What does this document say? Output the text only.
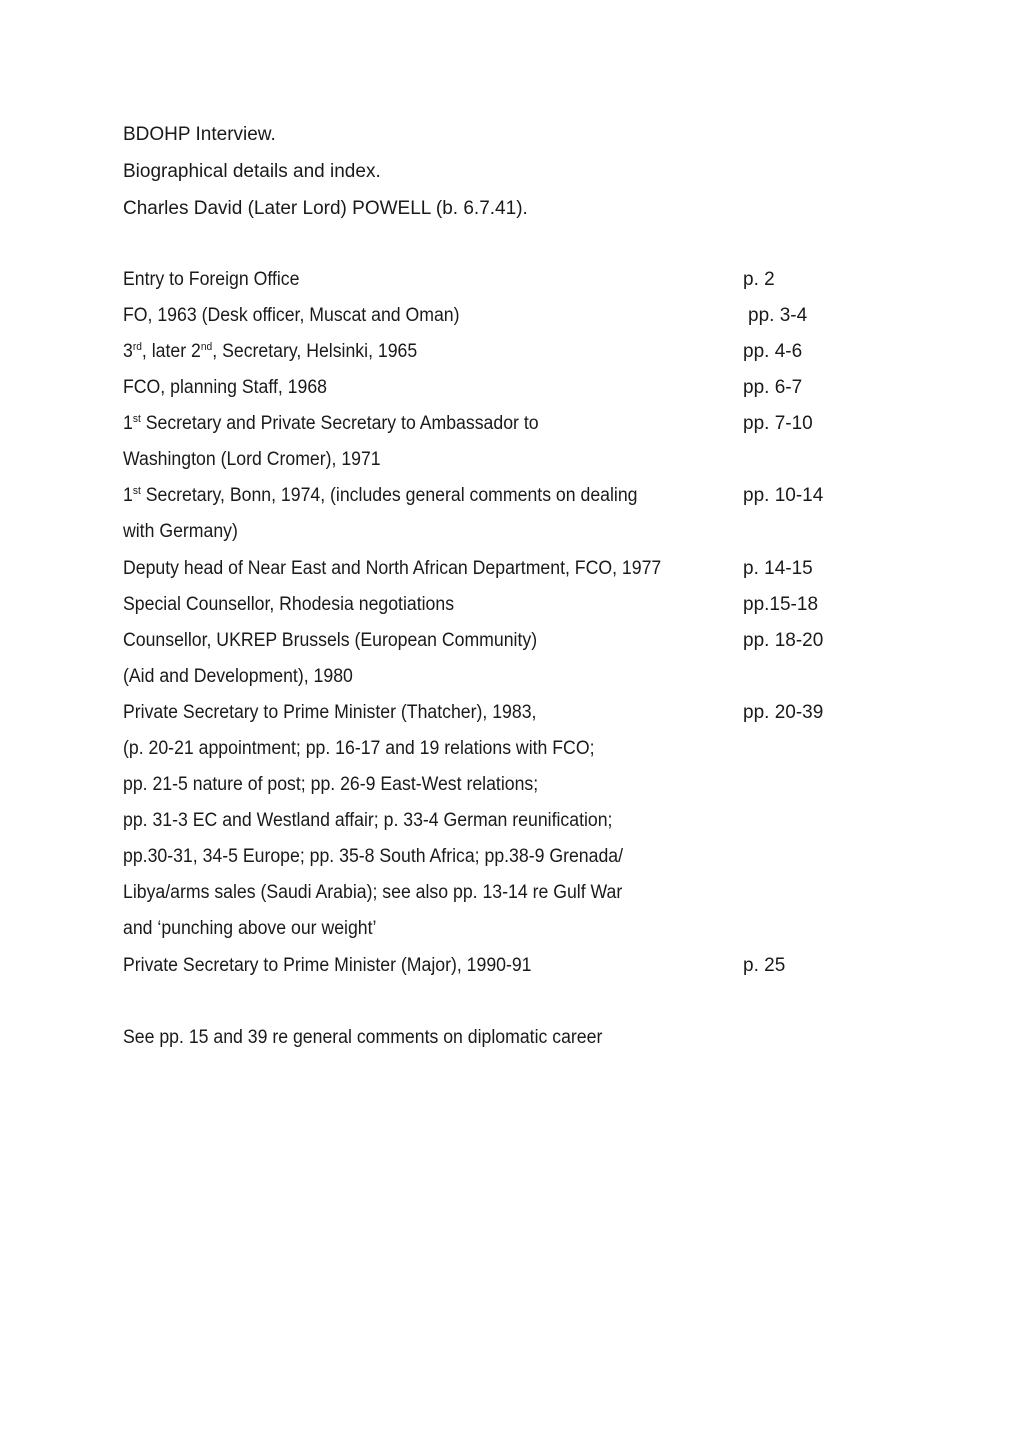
BDOHP Interview.
Biographical details and index.
Charles David (Later Lord) POWELL (b. 6.7.41).
Entry to Foreign Office	p. 2
FO, 1963 (Desk officer, Muscat and Oman)	pp. 3-4
3rd, later 2nd, Secretary, Helsinki, 1965	pp. 4-6
FCO, planning Staff, 1968	pp. 6-7
1st Secretary and Private Secretary to Ambassador to	pp. 7-10
Washington (Lord Cromer), 1971
1st Secretary, Bonn, 1974, (includes general comments on dealing	pp. 10-14
with Germany)
Deputy head of Near East and North African Department, FCO, 1977	p. 14-15
Special Counsellor, Rhodesia negotiations	pp.15-18
Counsellor, UKREP Brussels (European Community)	pp. 18-20
(Aid and Development), 1980
Private Secretary to Prime Minister (Thatcher), 1983,	pp. 20-39
(p. 20-21 appointment; pp. 16-17 and 19 relations with FCO;
pp. 21-5 nature of post; pp. 26-9 East-West relations;
pp. 31-3 EC and Westland affair; p. 33-4 German reunification;
pp.30-31, 34-5 Europe; pp. 35-8 South Africa; pp.38-9 Grenada/
Libya/arms sales (Saudi Arabia); see also pp. 13-14 re Gulf War
and ‘punching above our weight’
Private Secretary to Prime Minister (Major), 1990-91	p. 25
See pp. 15 and 39 re general comments on diplomatic career
